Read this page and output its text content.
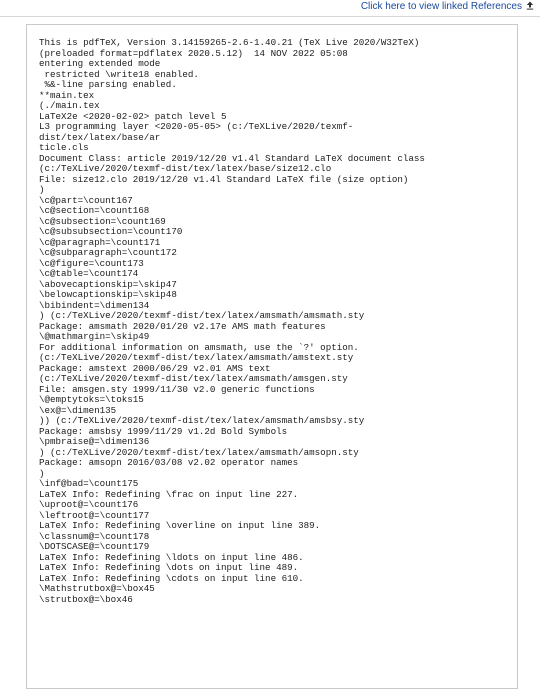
Click here to view linked References
This is pdfTeX, Version 3.14159265-2.6-1.40.21 (TeX Live 2020/W32TeX)
(preloaded format=pdflatex 2020.5.12)  14 NOV 2022 05:08
entering extended mode
restricted \write18 enabled.
%&-line parsing enabled.
**main.tex
(./main.tex
LaTeX2e <2020-02-02> patch level 5
L3 programming layer <2020-05-05> (c:/TeXLive/2020/texmf-
dist/tex/latex/base/ar
ticle.cls
Document Class: article 2019/12/20 v1.4l Standard LaTeX document class
(c:/TeXLive/2020/texmf-dist/tex/latex/base/size12.clo
File: size12.clo 2019/12/20 v1.4l Standard LaTeX file (size option)
)
\c@part=\count167
\c@section=\count168
\c@subsection=\count169
\c@subsubsection=\count170
\c@paragraph=\count171
\c@subparagraph=\count172
\c@figure=\count173
\c@table=\count174
\abovecaptionskip=\skip47
\belowcaptionskip=\skip48
\bibindent=\dimen134
) (c:/TeXLive/2020/texmf-dist/tex/latex/amsmath/amsmath.sty
Package: amsmath 2020/01/20 v2.17e AMS math features
\@mathmargin=\skip49
For additional information on amsmath, use the `?' option.
(c:/TeXLive/2020/texmf-dist/tex/latex/amsmath/amstext.sty
Package: amstext 2000/06/29 v2.01 AMS text
(c:/TeXLive/2020/texmf-dist/tex/latex/amsmath/amsgen.sty
File: amsgen.sty 1999/11/30 v2.0 generic functions
\@emptytoks=\toks15
\ex@=\dimen135
)) (c:/TeXLive/2020/texmf-dist/tex/latex/amsmath/amsbsy.sty
Package: amsbsy 1999/11/29 v1.2d Bold Symbols
\pmbraise@=\dimen136
) (c:/TeXLive/2020/texmf-dist/tex/latex/amsmath/amsopn.sty
Package: amsopn 2016/03/08 v2.02 operator names
)
\inf@bad=\count175
LaTeX Info: Redefining \frac on input line 227.
\uproot@=\count176
\leftroot@=\count177
LaTeX Info: Redefining \overline on input line 389.
\classnum@=\count178
\DOTSCASE@=\count179
LaTeX Info: Redefining \ldots on input line 486.
LaTeX Info: Redefining \dots on input line 489.
LaTeX Info: Redefining \cdots on input line 610.
\Mathstrutbox@=\box45
\strutbox@=\box46
